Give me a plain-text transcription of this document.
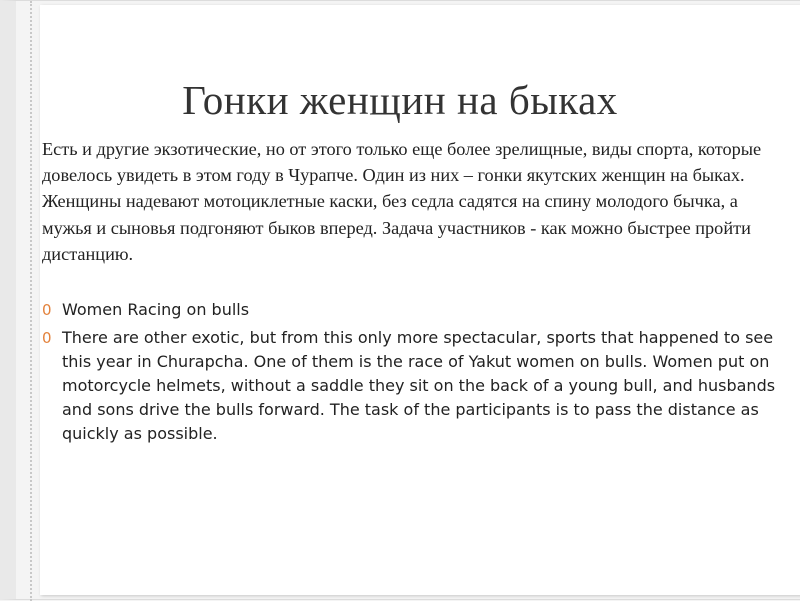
Гонки женщин на быках

Есть и другие экзотические, но от этого только еще более зрелищные, виды спорта, которые довелось увидеть в этом году в Чурапче. Один из них – гонки якутских женщин на быках. Женщины надевают мотоциклетные каски, без седла садятся на спину молодого бычка, а мужья и сыновья подгоняют быков вперед. Задача участников - как можно быстрее пройти дистанцию.

0 Women Racing on bulls
0 There are other exotic, but from this only more spectacular, sports that happened to see this year in Churapcha. One of them is the race of Yakut women on bulls. Women put on motorcycle helmets, without a saddle they sit on the back of a young bull, and husbands and sons drive the bulls forward. The task of the participants is to pass the distance as quickly as possible.
